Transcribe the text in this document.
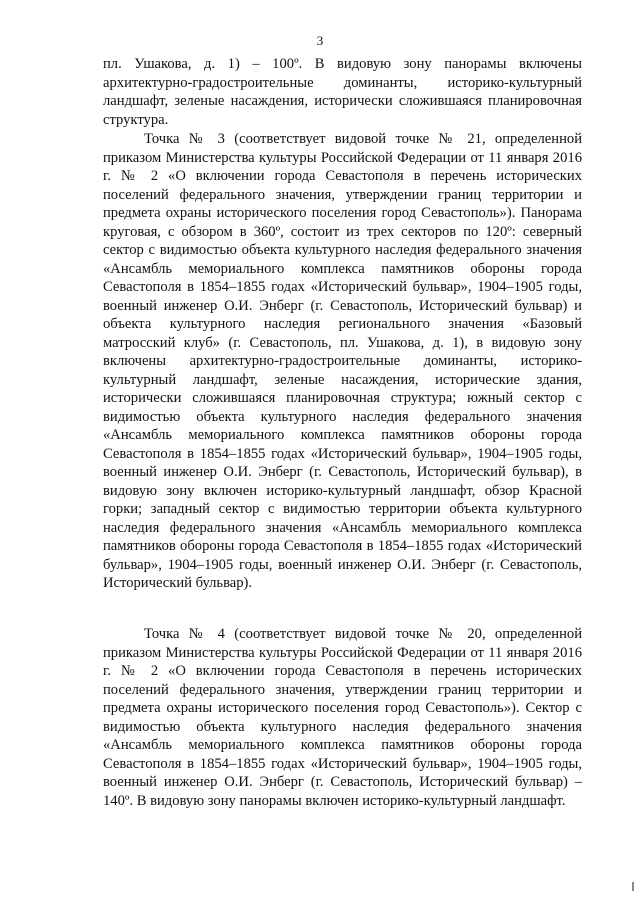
3

пл. Ушакова, д. 1) – 100º. В видовую зону панорамы включены архитектурно-градостроительные доминанты, историко-культурный ландшафт, зеленые насаждения, исторически сложившаяся планировочная структура.

Точка № 3 (соответствует видовой точке № 21, определенной приказом Министерства культуры Российской Федерации от 11 января 2016 г. № 2 «О включении города Севастополя в перечень исторических поселений федерального значения, утверждении границ территории и предмета охраны исторического поселения город Севастополь»). Панорама круговая, с обзором в 360º, состоит из трех секторов по 120º: северный сектор с видимостью объекта культурного наследия федерального значения «Ансамбль мемориального комплекса памятников обороны города Севастополя в 1854–1855 годах «Исторический бульвар», 1904–1905 годы, военный инженер О.И. Энберг (г. Севастополь, Исторический бульвар) и объекта культурного наследия регионального значения «Базовый матросский клуб» (г. Севастополь, пл. Ушакова, д. 1), в видовую зону включены архитектурно-градостроительные доминанты, историко-культурный ландшафт, зеленые насаждения, исторические здания, исторически сложившаяся планировочная структура; южный сектор с видимостью объекта культурного наследия федерального значения «Ансамбль мемориального комплекса памятников обороны города Севастополя в 1854–1855 годах «Исторический бульвар», 1904–1905 годы, военный инженер О.И. Энберг (г. Севастополь, Исторический бульвар), в видовую зону включен историко-культурный ландшафт, обзор Красной горки; западный сектор с видимостью территории объекта культурного наследия федерального значения «Ансамбль мемориального комплекса памятников обороны города Севастополя в 1854–1855 годах «Исторический бульвар», 1904–1905 годы, военный инженер О.И. Энберг (г. Севастополь, Исторический бульвар).

Точка № 4 (соответствует видовой точке № 20, определенной приказом Министерства культуры Российской Федерации от 11 января 2016 г. № 2 «О включении города Севастополя в перечень исторических поселений федерального значения, утверждении границ территории и предмета охраны исторического поселения город Севастополь»). Сектор с видимостью объекта культурного наследия федерального значения «Ансамбль мемориального комплекса памятников обороны города Севастополя в 1854–1855 годах «Исторический бульвар», 1904–1905 годы, военный инженер О.И. Энберг (г. Севастополь, Исторический бульвар) – 140º. В видовую зону панорамы включен историко-культурный ландшафт.
